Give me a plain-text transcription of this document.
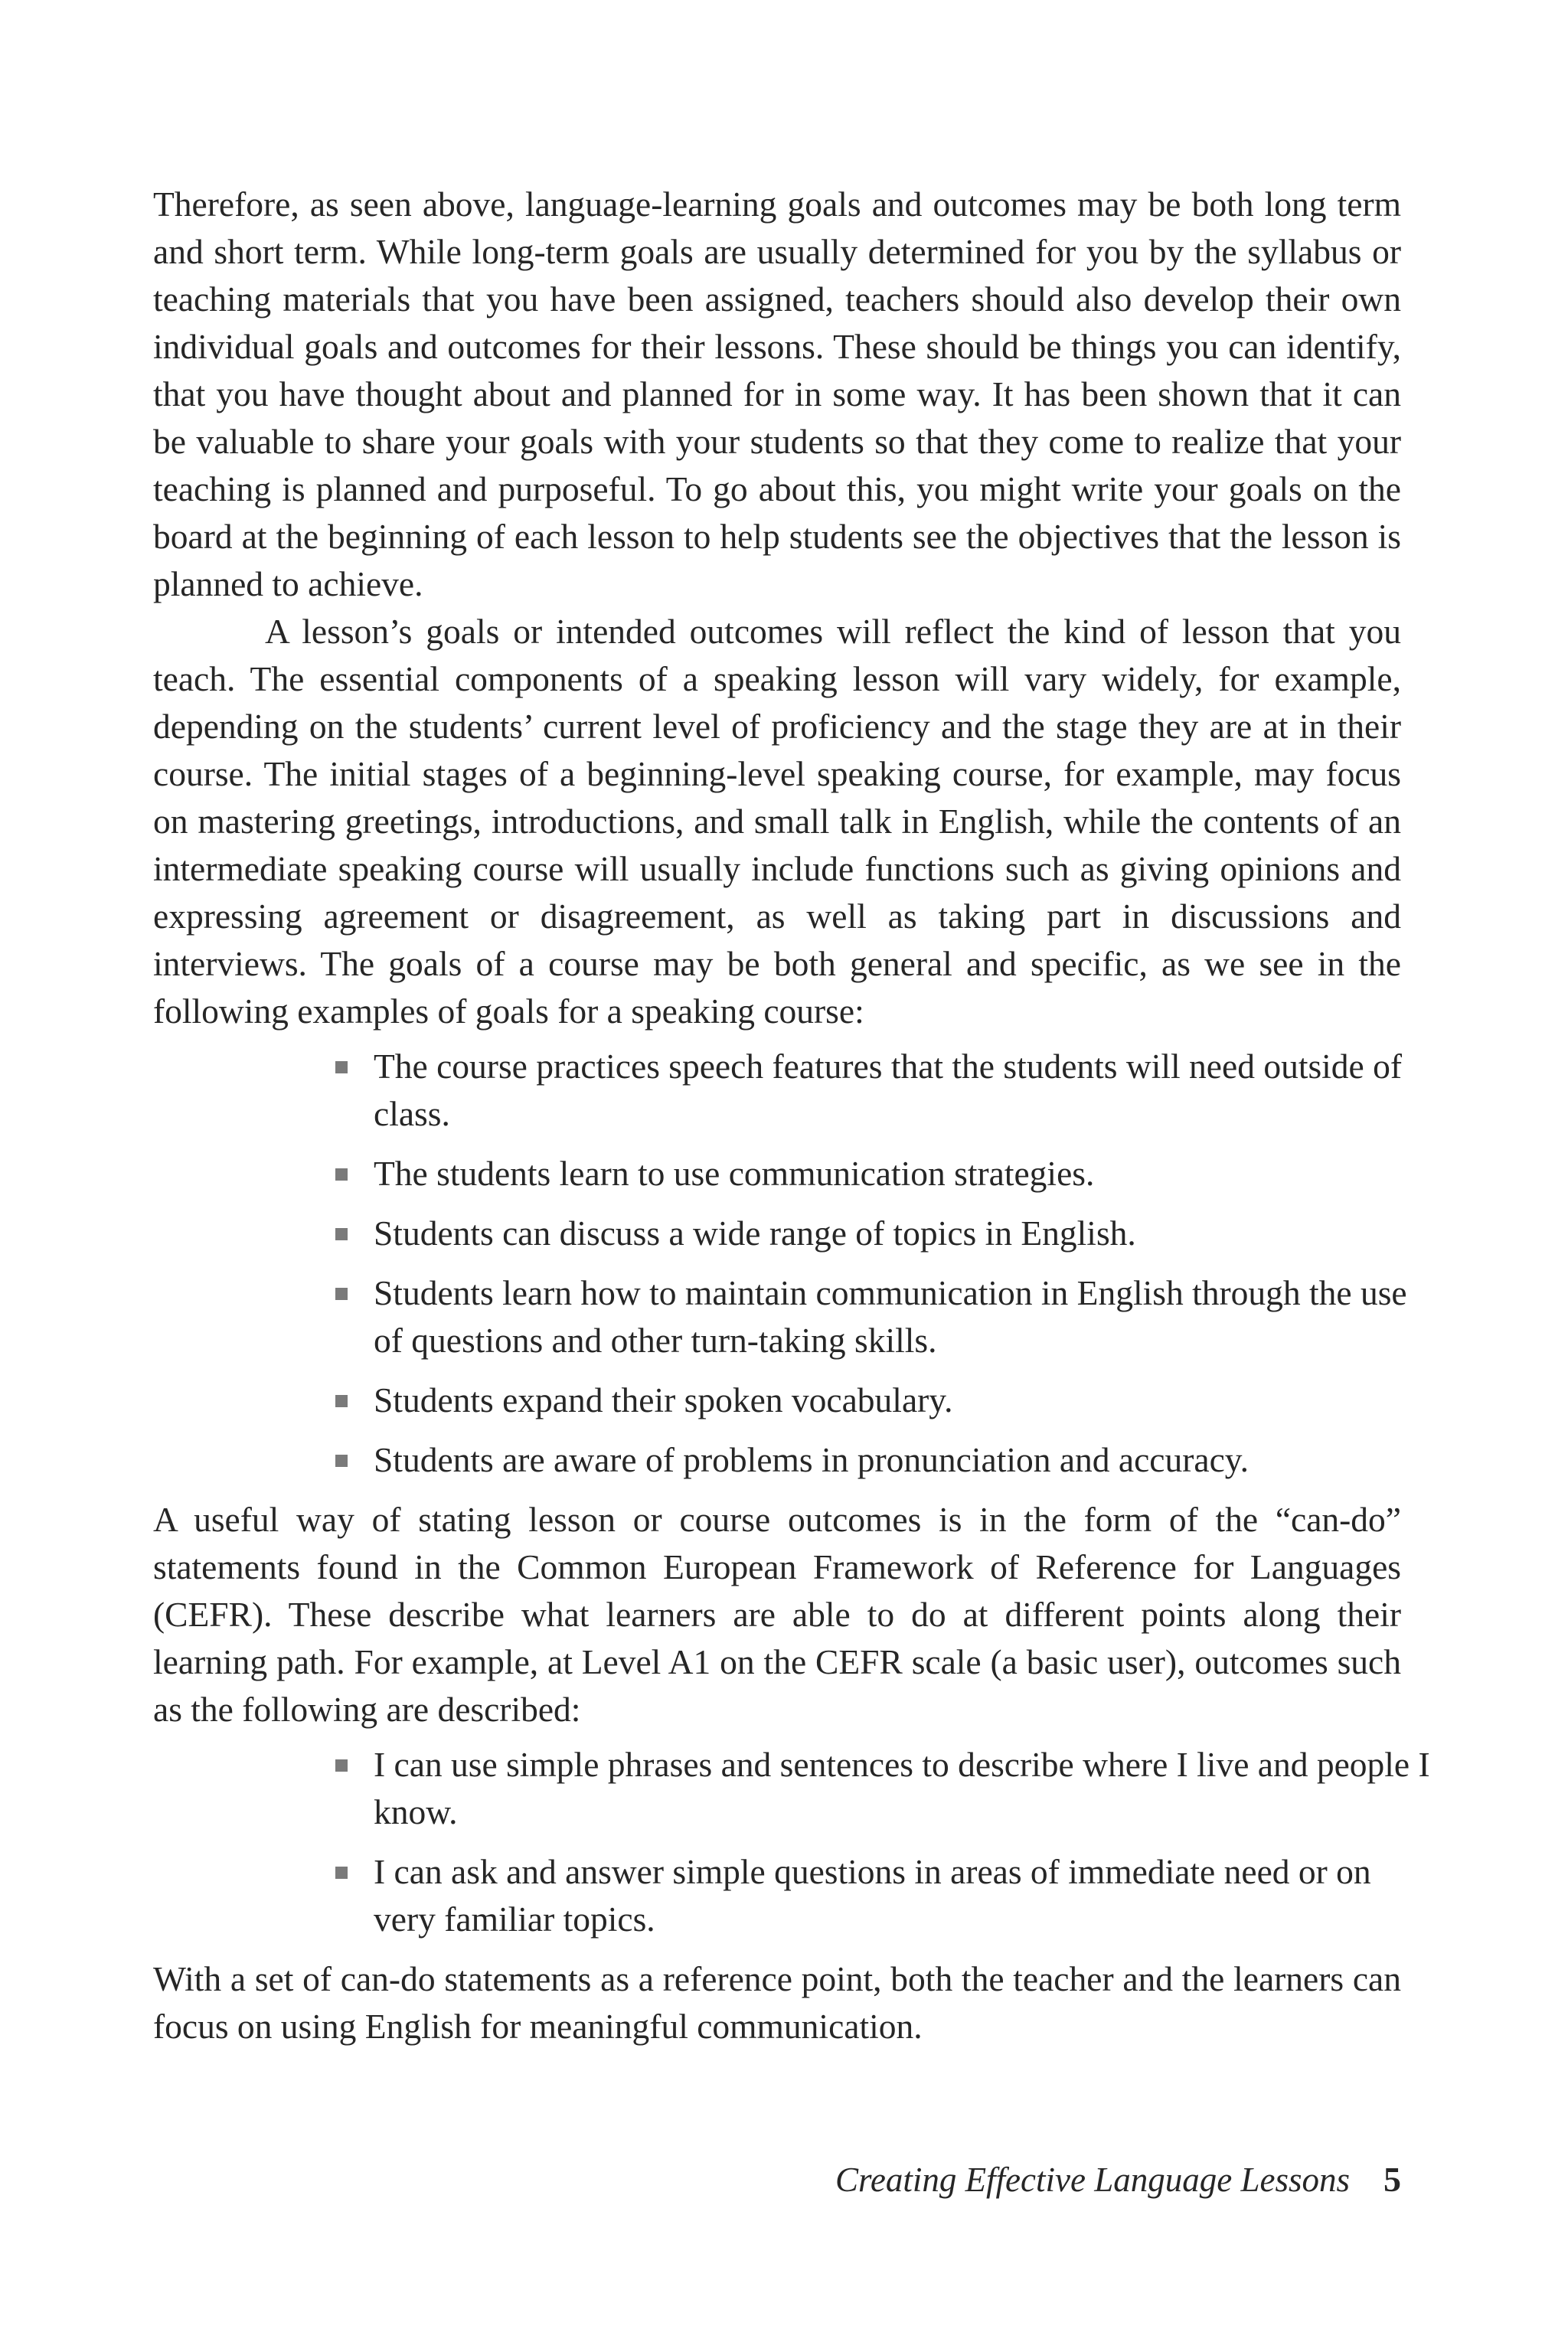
Therefore, as seen above, language-learning goals and outcomes may be both long term and short term. While long-term goals are usually determined for you by the syllabus or teaching materials that you have been assigned, teachers should also develop their own individual goals and outcomes for their lessons. These should be things you can identify, that you have thought about and planned for in some way. It has been shown that it can be valuable to share your goals with your students so that they come to realize that your teaching is planned and purposeful. To go about this, you might write your goals on the board at the beginning of each lesson to help students see the objectives that the lesson is planned to achieve.

A lesson’s goals or intended outcomes will reflect the kind of lesson that you teach. The essential components of a speaking lesson will vary widely, for example, depending on the students’ current level of proficiency and the stage they are at in their course. The initial stages of a beginning-level speaking course, for example, may focus on mastering greetings, introductions, and small talk in English, while the contents of an intermediate speaking course will usually include functions such as giving opinions and expressing agreement or disagreement, as well as taking part in discussions and interviews. The goals of a course may be both general and specific, as we see in the following examples of goals for a speaking course:

The course practices speech features that the students will need outside of class.
The students learn to use communication strategies.
Students can discuss a wide range of topics in English.
Students learn how to maintain communication in English through the use of questions and other turn-taking skills.
Students expand their spoken vocabulary.
Students are aware of problems in pronunciation and accuracy.

A useful way of stating lesson or course outcomes is in the form of the “can-do” statements found in the Common European Framework of Reference for Languages (CEFR). These describe what learners are able to do at different points along their learning path. For example, at Level A1 on the CEFR scale (a basic user), outcomes such as the following are described:

I can use simple phrases and sentences to describe where I live and people I know.
I can ask and answer simple questions in areas of immediate need or on very familiar topics.

With a set of can-do statements as a reference point, both the teacher and the learners can focus on using English for meaningful communication.

Creating Effective Language Lessons 5
